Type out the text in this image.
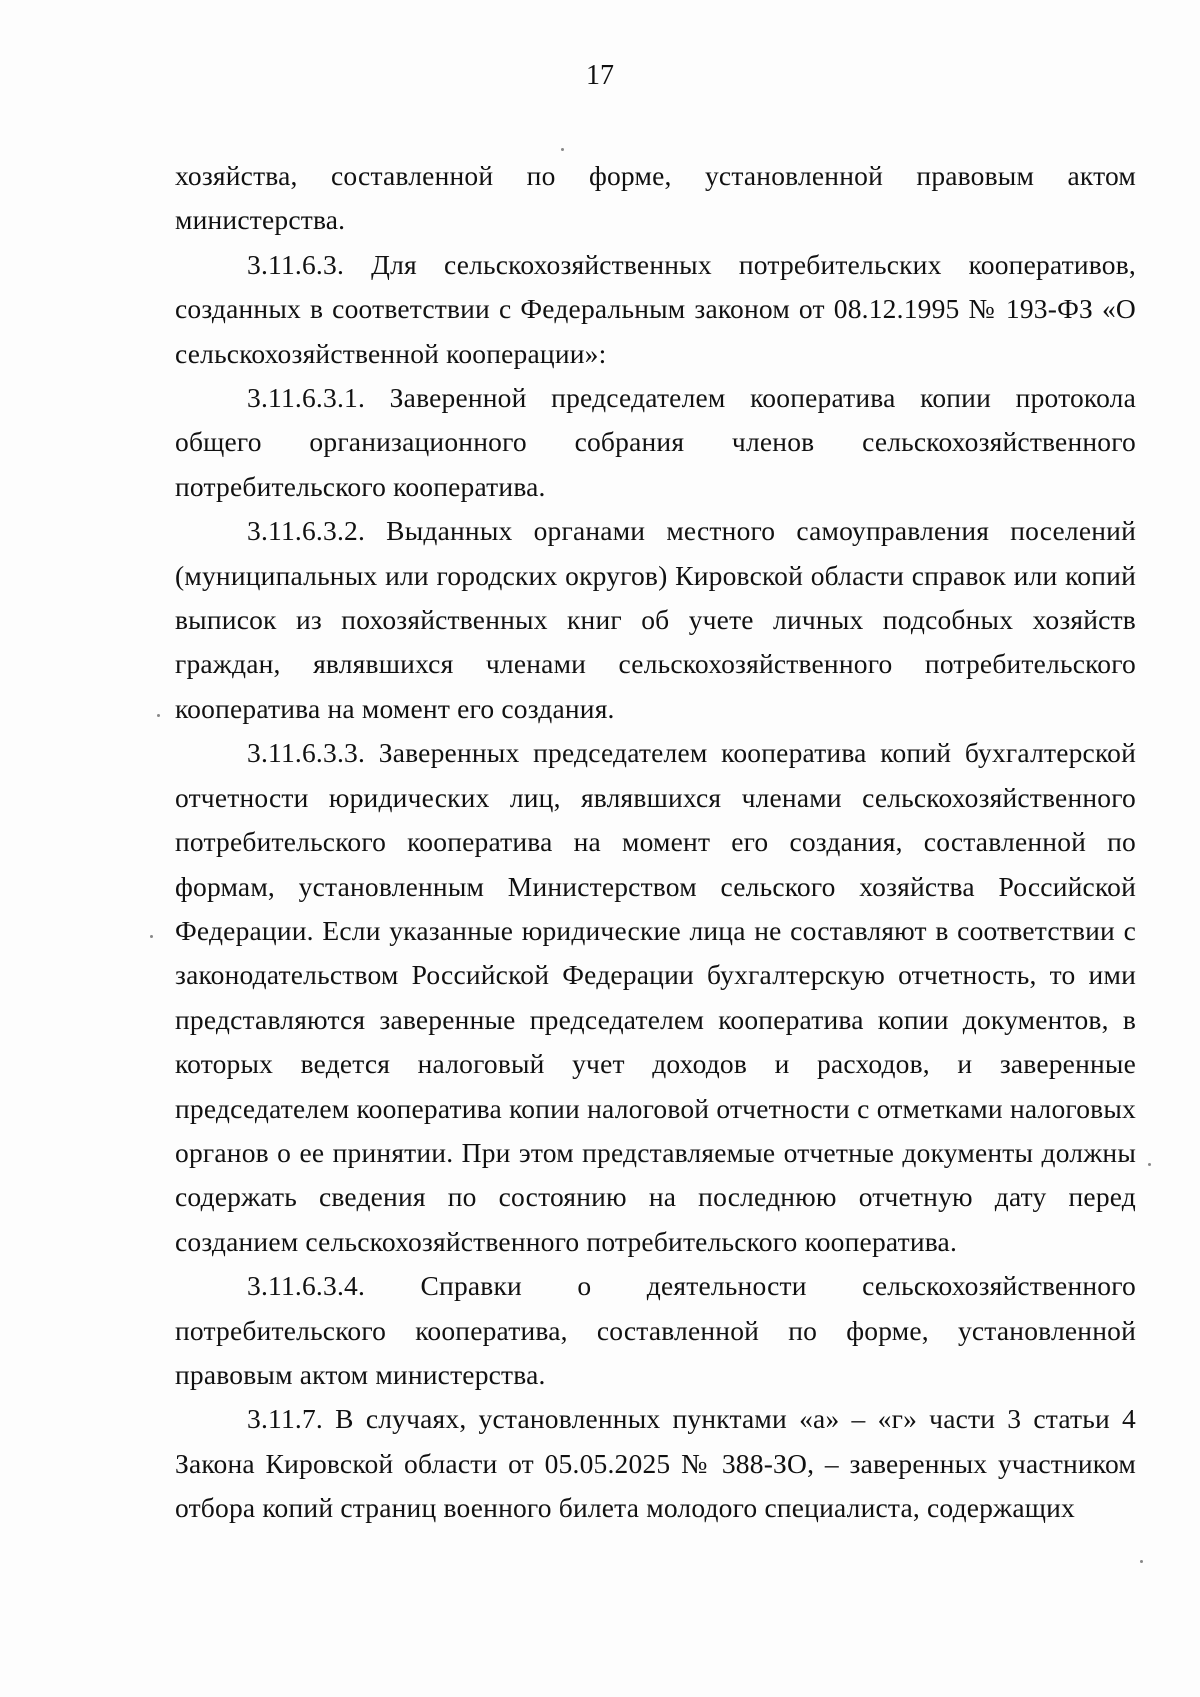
17

хозяйства, составленной по форме, установленной правовым актом министерства.

3.11.6.3. Для сельскохозяйственных потребительских кооперативов, созданных в соответствии с Федеральным законом от 08.12.1995 № 193-ФЗ «О сельскохозяйственной кооперации»:

3.11.6.3.1. Заверенной председателем кооператива копии протокола общего организационного собрания членов сельскохозяйственного потребительского кооператива.

3.11.6.3.2. Выданных органами местного самоуправления поселений (муниципальных или городских округов) Кировской области справок или копий выписок из похозяйственных книг об учете личных подсобных хозяйств граждан, являвшихся членами сельскохозяйственного потребительского кооператива на момент его создания.

3.11.6.3.3. Заверенных председателем кооператива копий бухгалтерской отчетности юридических лиц, являвшихся членами сельскохозяйственного потребительского кооператива на момент его создания, составленной по формам, установленным Министерством сельского хозяйства Российской Федерации. Если указанные юридические лица не составляют в соответствии с законодательством Российской Федерации бухгалтерскую отчетность, то ими представляются заверенные председателем кооператива копии документов, в которых ведется налоговый учет доходов и расходов, и заверенные председателем кооператива копии налоговой отчетности с отметками налоговых органов о ее принятии. При этом представляемые отчетные документы должны содержать сведения по состоянию на последнюю отчетную дату перед созданием сельскохозяйственного потребительского кооператива.

3.11.6.3.4. Справки о деятельности сельскохозяйственного потребительского кооператива, составленной по форме, установленной правовым актом министерства.

3.11.7. В случаях, установленных пунктами «а» – «г» части 3 статьи 4 Закона Кировской области от 05.05.2025 № 388-ЗО, – заверенных участником отбора копий страниц военного билета молодого специалиста, содержащих
